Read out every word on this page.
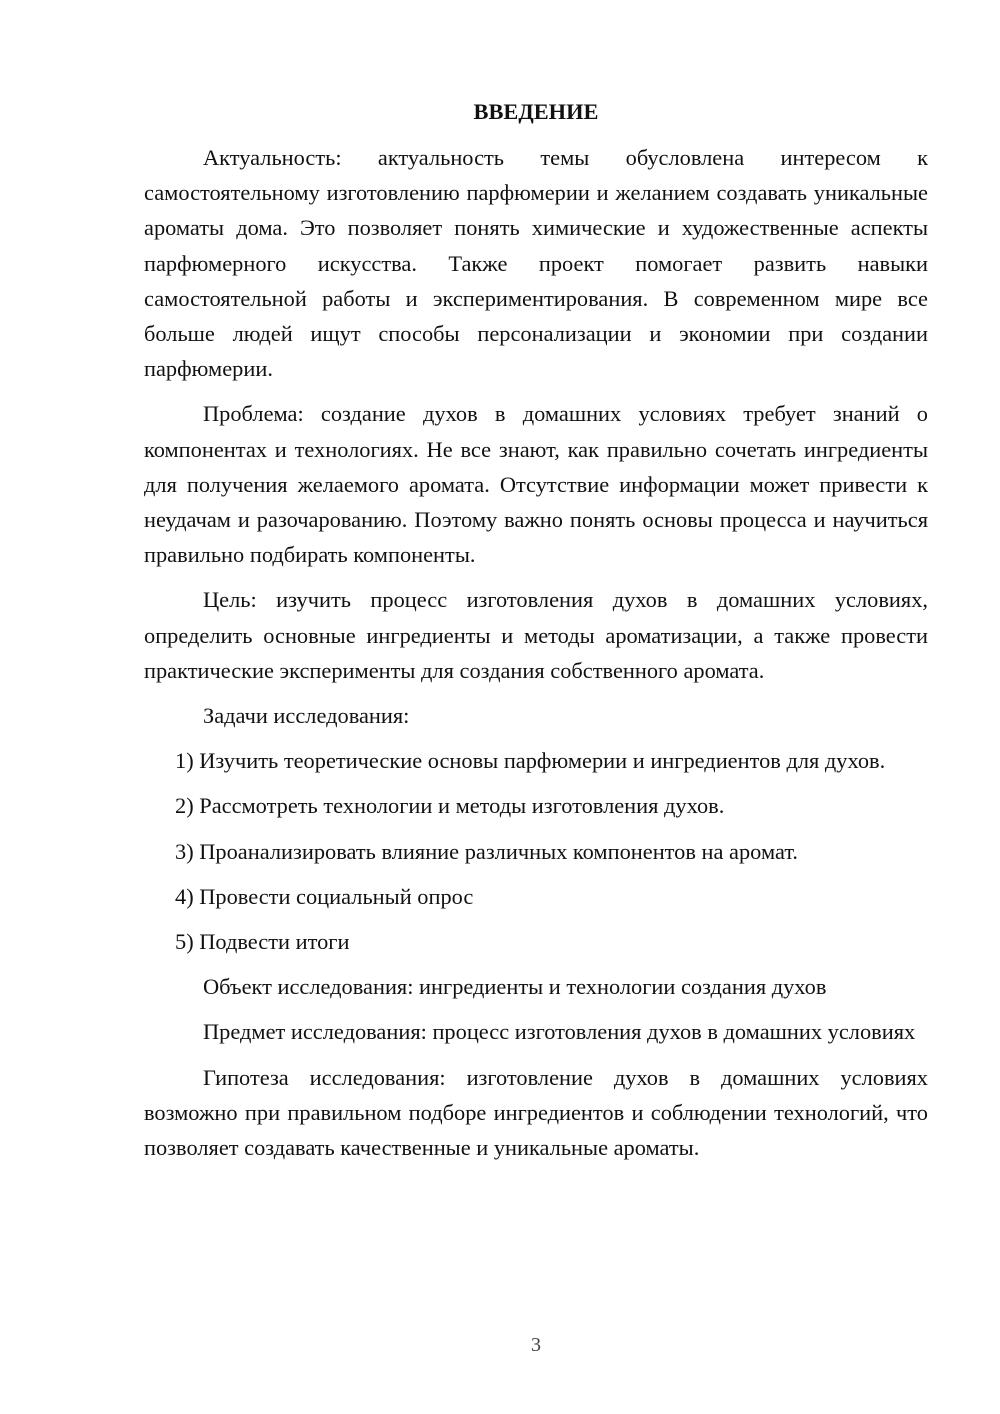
ВВЕДЕНИЕ

Актуальность: актуальность темы обусловлена интересом к самостоятельному изготовлению парфюмерии и желанием создавать уникальные ароматы дома. Это позволяет понять химические и художественные аспекты парфюмерного искусства. Также проект помогает развить навыки самостоятельной работы и экспериментирования. В современном мире все больше людей ищут способы персонализации и экономии при создании парфюмерии.

Проблема: создание духов в домашних условиях требует знаний о компонентах и технологиях. Не все знают, как правильно сочетать ингредиенты для получения желаемого аромата. Отсутствие информации может привести к неудачам и разочарованию. Поэтому важно понять основы процесса и научиться правильно подбирать компоненты.

Цель: изучить процесс изготовления духов в домашних условиях, определить основные ингредиенты и методы ароматизации, а также провести практические эксперименты для создания собственного аромата.

Задачи исследования:

1) Изучить теоретические основы парфюмерии и ингредиентов для духов.

2) Рассмотреть технологии и методы изготовления духов.

3) Проанализировать влияние различных компонентов на аромат.

4) Провести социальный опрос

5) Подвести итоги

Объект исследования: ингредиенты и технологии создания духов

Предмет исследования: процесс изготовления духов в домашних условиях

Гипотеза исследования: изготовление духов в домашних условиях возможно при правильном подборе ингредиентов и соблюдении технологий, что позволяет создавать качественные и уникальные ароматы.

3
